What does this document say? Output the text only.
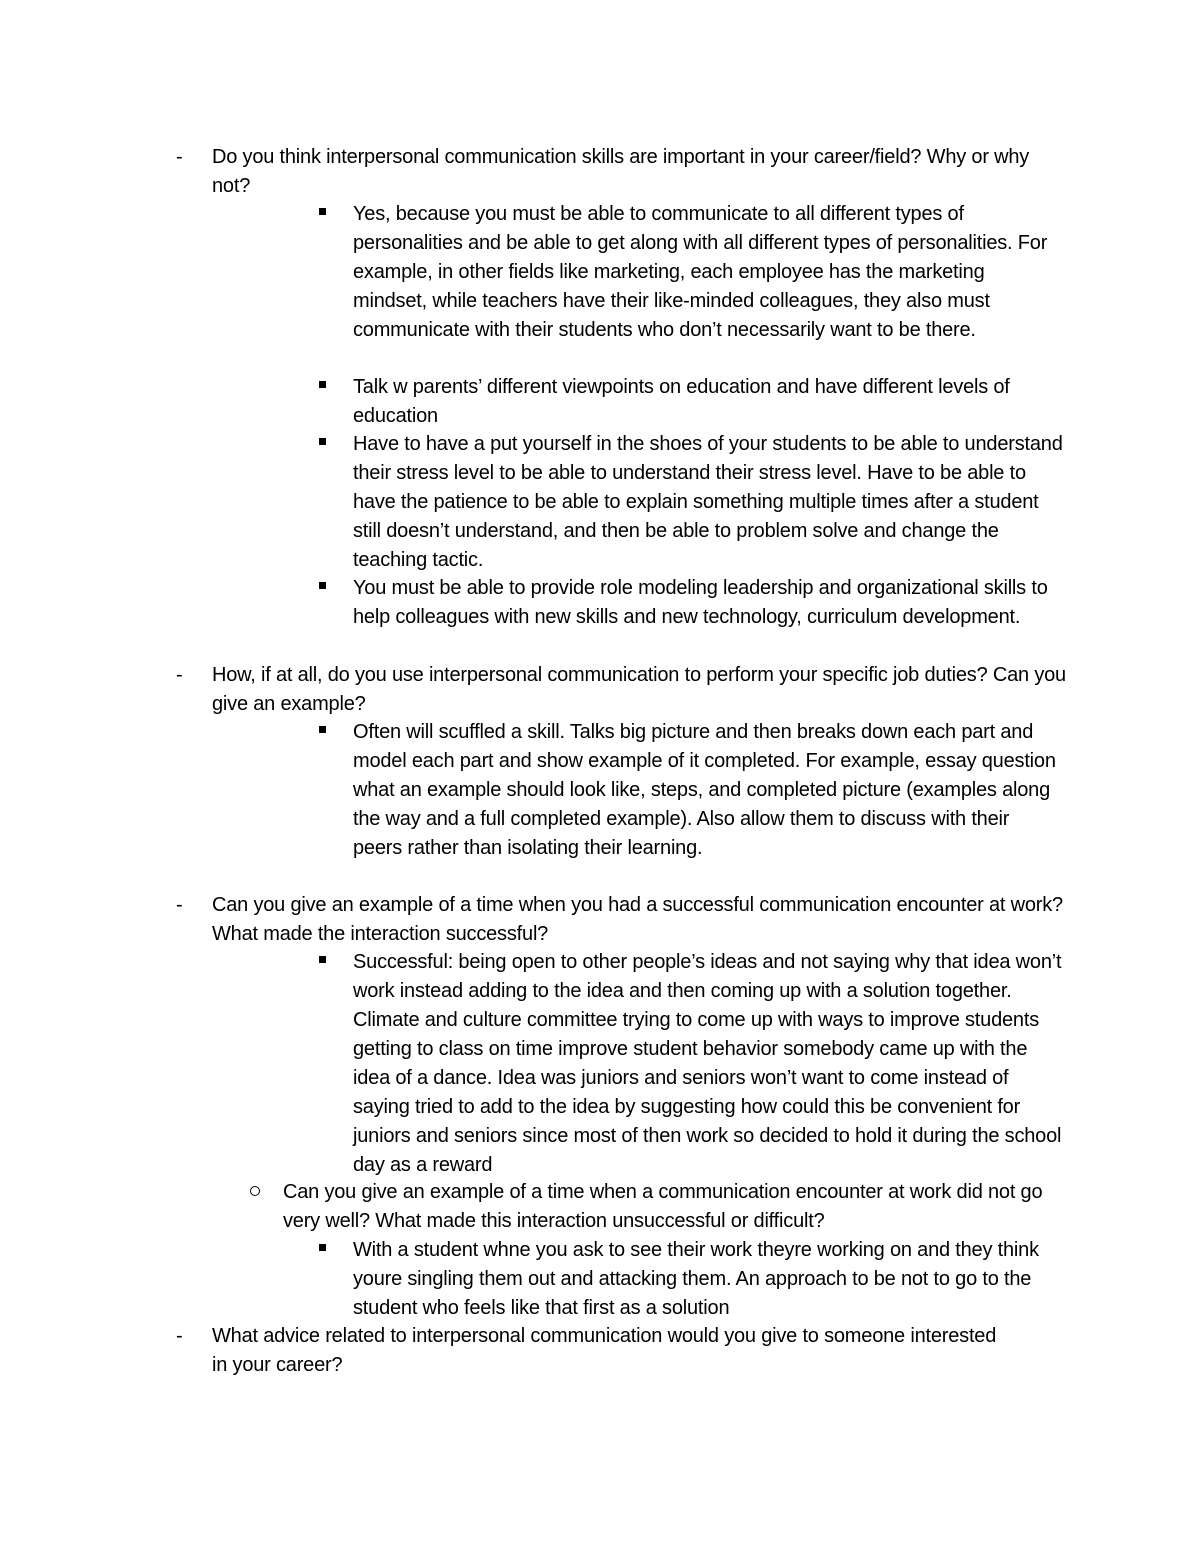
- Do you think interpersonal communication skills are important in your career/field? Why or why not?

Yes, because you must be able to communicate to all different types of personalities and be able to get along with all different types of personalities. For example, in other fields like marketing, each employee has the marketing mindset, while teachers have their like-minded colleagues, they also must communicate with their students who don’t necessarily want to be there.

Talk w parents’ different viewpoints on education and have different levels of education

Have to have a put yourself in the shoes of your students to be able to understand their stress level to be able to understand their stress level. Have to be able to have the patience to be able to explain something multiple times after a student still doesn’t understand, and then be able to problem solve and change the teaching tactic.

You must be able to provide role modeling leadership and organizational skills to help colleagues with new skills and new technology, curriculum development.

- How, if at all, do you use interpersonal communication to perform your specific job duties? Can you give an example?

Often will scuffled a skill. Talks big picture and then breaks down each part and model each part and show example of it completed. For example, essay question what an example should look like, steps, and completed picture (examples along the way and a full completed example). Also allow them to discuss with their peers rather than isolating their learning.

- Can you give an example of a time when you had a successful communication encounter at work? What made the interaction successful?

Successful: being open to other people’s ideas and not saying why that idea won’t work instead adding to the idea and then coming up with a solution together. Climate and culture committee trying to come up with ways to improve students getting to class on time improve student behavior somebody came up with the idea of a dance. Idea was juniors and seniors won’t want to come instead of saying tried to add to the idea by suggesting how could this be convenient for juniors and seniors since most of then work so decided to hold it during the school day as a reward

Can you give an example of a time when a communication encounter at work did not go very well? What made this interaction unsuccessful or difficult?

With a student whne you ask to see their work theyre working on and they think youre singling them out and attacking them. An approach to be not to go to the student who feels like that first as a solution

- What advice related to interpersonal communication would you give to someone interested in your career?
